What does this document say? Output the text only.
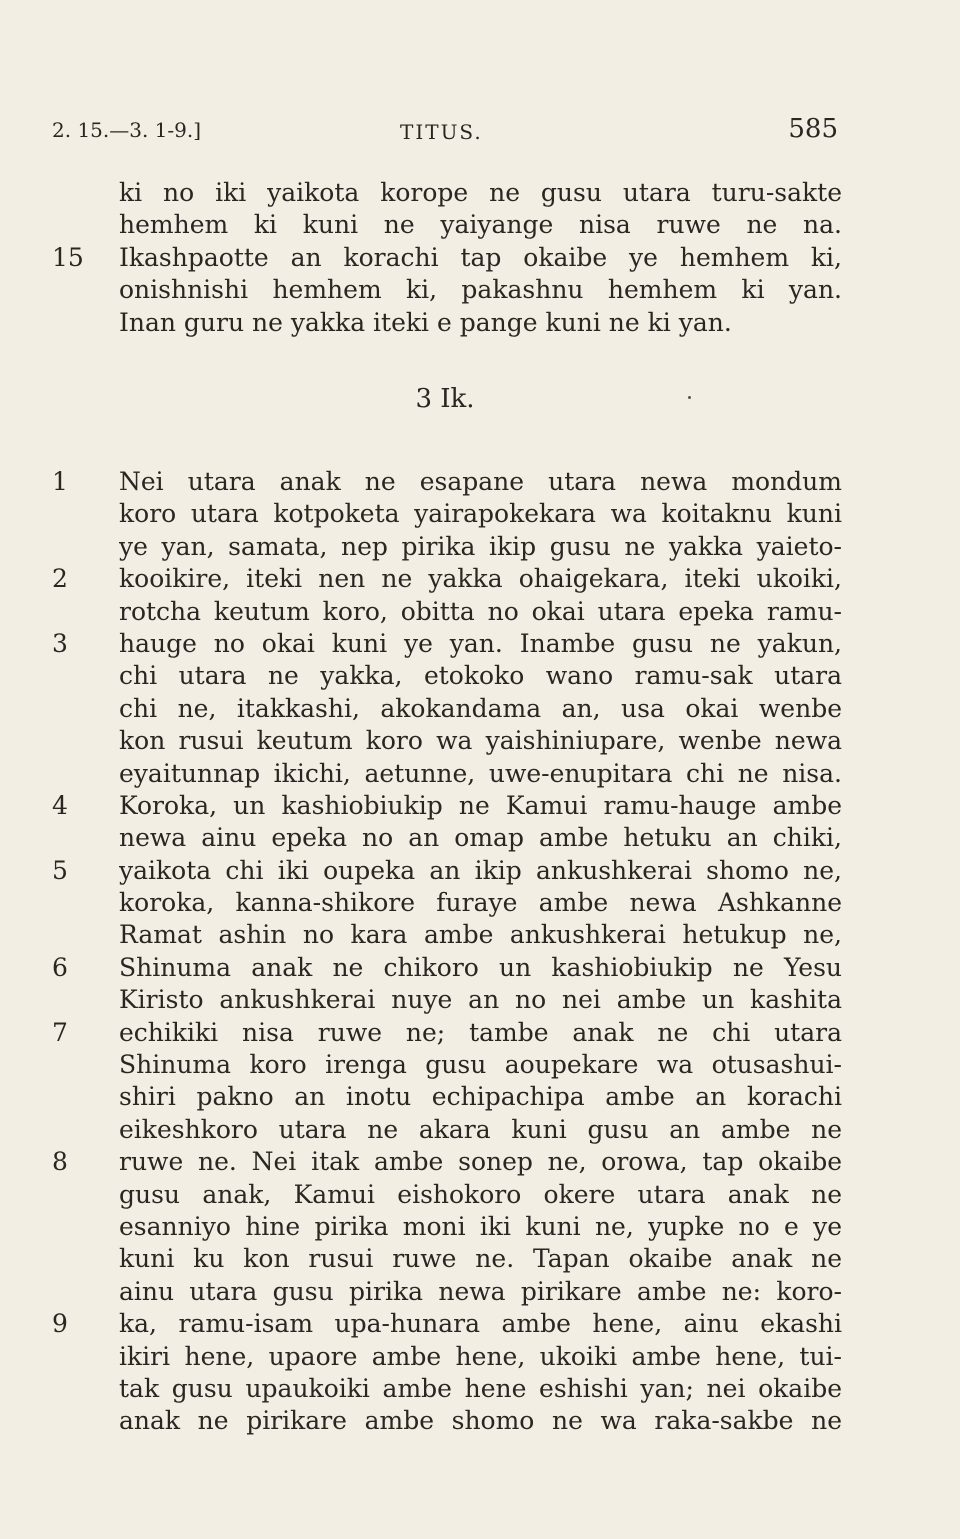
2. 15.—3. 1-9.]	TITUS.	585
ki no iki yaikota korope ne gusu utara turu-sakte
hemhem ki kuni ne yaiyange nisa ruwe ne na.
15	Ikashpaotte an korachi tap okaibe ye hemhem ki,
onishnishi hemhem ki, pakashnu hemhem ki yan.
Inan guru ne yakka iteki e pange kuni ne ki yan.
3 Ik.
1	Nei utara anak ne esapane utara newa mondum
koro utara kotpoketa yairapokekara wa koitaknu kuni
ye yan, samata, nep pirika ikip gusu ne yakka yaieto-
2	kooikire, iteki nen ne yakka ohaigekara, iteki ukoiki,
rotcha keutum koro, obitta no okai utara epeka ramu-
3	hauge no okai kuni ye yan. Inambe gusu ne yakun,
chi utara ne yakka, etokoko wano ramu-sak utara
chi ne, itakkashi, akokandama an, usa okai wenbe
kon rusui keutum koro wa yaishiniupare, wenbe newa
eyaitunnap ikichi, aetunne, uwe-enupitara chi ne nisa.
4	Koroka, un kashiobiukip ne Kamui ramu-hauge ambe
newa ainu epeka no an omap ambe hetuku an chiki,
5	yaikota chi iki oupeka an ikip ankushkerai shomo ne,
koroka, kanna-shikore furaye ambe newa Ashkanne
Ramat ashin no kara ambe ankushkerai hetukup ne,
6	Shinuma anak ne chikoro un kashiobiukip ne Yesu
Kiristo ankushkerai nuye an no nei ambe un kashita
7	echikiki nisa ruwe ne; tambe anak ne chi utara
Shinuma koro irenga gusu aoupekare wa otusashui-
shiri pakno an inotu echipachipa ambe an korachi
eikeshkoro utara ne akara kuni gusu an ambe ne
8	ruwe ne. Nei itak ambe sonep ne, orowa, tap okaibe
gusu anak, Kamui eishokoro okere utara anak ne
esanniyo hine pirika moni iki kuni ne, yupke no e ye
kuni ku kon rusui ruwe ne. Tapan okaibe anak ne
ainu utara gusu pirika newa pirikare ambe ne: koro-
9	ka, ramu-isam upa-hunara ambe hene, ainu ekashi
ikiri hene, upaore ambe hene, ukoiki ambe hene, tui-
tak gusu upaukoiki ambe hene eshishi yan; nei okaibe
anak ne pirikare ambe shomo ne wa raka-sakbe ne
